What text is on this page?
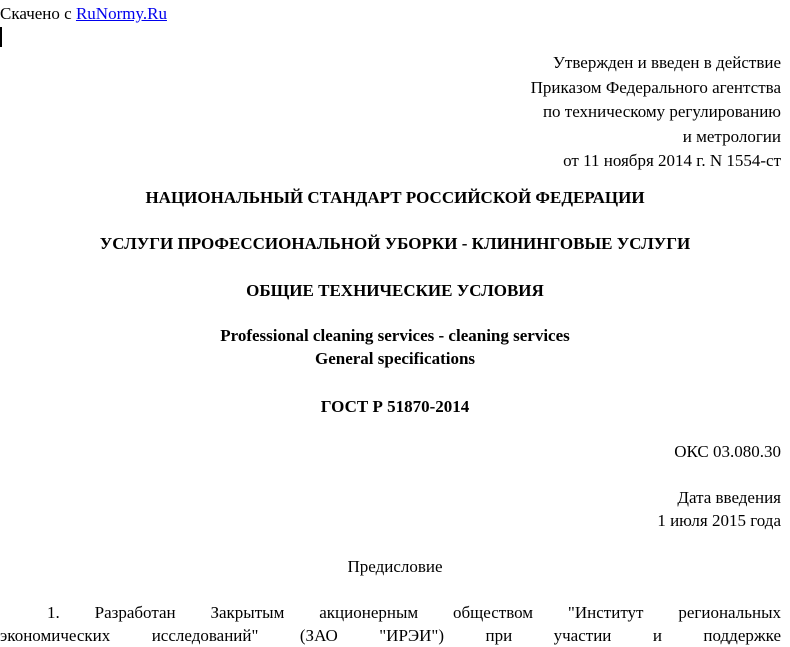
Скачено с RuNormy.Ru
Утвержден и введен в действие
Приказом Федерального агентства
по техническому регулированию
и метрологии
от 11 ноября 2014 г. N 1554-ст
НАЦИОНАЛЬНЫЙ СТАНДАРТ РОССИЙСКОЙ ФЕДЕРАЦИИ
УСЛУГИ ПРОФЕССИОНАЛЬНОЙ УБОРКИ - КЛИНИНГОВЫЕ УСЛУГИ
ОБЩИЕ ТЕХНИЧЕСКИЕ УСЛОВИЯ
Professional cleaning services - cleaning services
General specifications
ГОСТ Р 51870-2014
ОКС 03.080.30
Дата введения
1 июля 2015 года
Предисловие
1. Разработан Закрытым акционерным обществом "Институт региональных
экономических исследований" (ЗАО "ИРЭИ") при участии и поддержке
